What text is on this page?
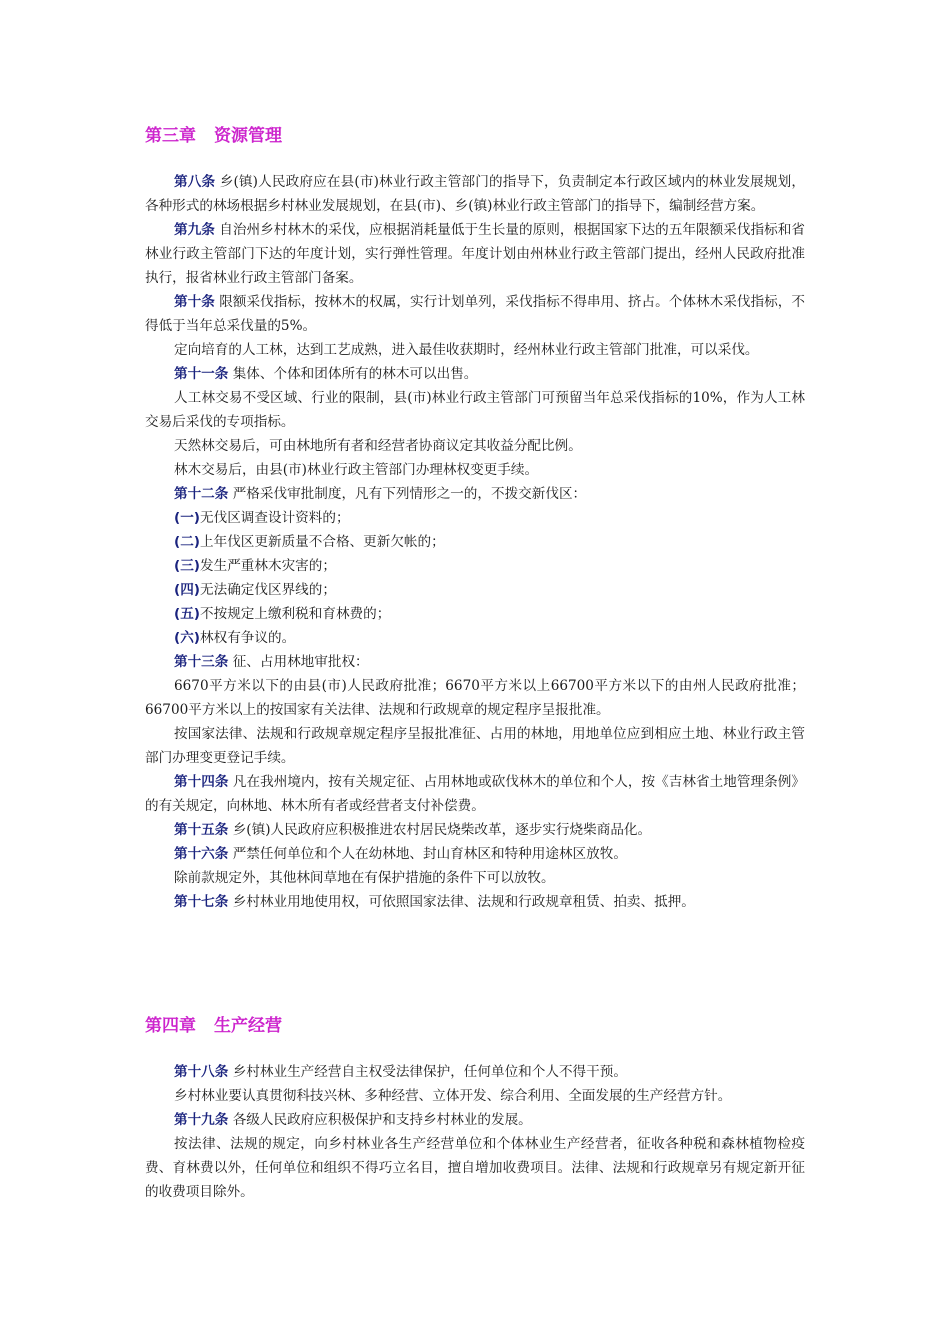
第三章 资源管理

第八条 乡(镇)人民政府应在县(市)林业行政主管部门的指导下，负责制定本行政区域内的林业发展规划，各种形式的林场根据乡村林业发展规划，在县(市)、乡(镇)林业行政主管部门的指导下，编制经营方案。

第九条 自治州乡村林木的采伐，应根据消耗量低于生长量的原则，根据国家下达的五年限额采伐指标和省林业行政主管部门下达的年度计划，实行弹性管理。年度计划由州林业行政主管部门提出，经州人民政府批准执行，报省林业行政主管部门备案。

第十条 限额采伐指标，按林木的权属，实行计划单列，采伐指标不得串用、挤占。个体林木采伐指标，不得低于当年总采伐量的5%。

定向培育的人工林，达到工艺成熟，进入最佳收获期时，经州林业行政主管部门批准，可以采伐。

第十一条 集体、个体和团体所有的林木可以出售。

人工林交易不受区域、行业的限制，县(市)林业行政主管部门可预留当年总采伐指标的10%，作为人工林交易后采伐的专项指标。

天然林交易后，可由林地所有者和经营者协商议定其收益分配比例。

林木交易后，由县(市)林业行政主管部门办理林权变更手续。

第十二条 严格采伐审批制度，凡有下列情形之一的，不拨交新伐区：

(一)无伐区调查设计资料的；

(二)上年伐区更新质量不合格、更新欠帐的；

(三)发生严重林木灾害的；

(四)无法确定伐区界线的；

(五)不按规定上缴利税和育林费的；

(六)林权有争议的。

第十三条 征、占用林地审批权：

6670平方米以下的由县(市)人民政府批准；6670平方米以上66700平方米以下的由州人民政府批准；66700平方米以上的按国家有关法律、法规和行政规章的规定程序呈报批准。

按国家法律、法规和行政规章规定程序呈报批准征、占用的林地，用地单位应到相应土地、林业行政主管部门办理变更登记手续。

第十四条 凡在我州境内，按有关规定征、占用林地或砍伐林木的单位和个人，按《吉林省土地管理条例》的有关规定，向林地、林木所有者或经营者支付补偿费。

第十五条 乡(镇)人民政府应积极推进农村居民烧柴改革，逐步实行烧柴商品化。

第十六条 严禁任何单位和个人在幼林地、封山育林区和特种用途林区放牧。

除前款规定外，其他林间草地在有保护措施的条件下可以放牧。

第十七条 乡村林业用地使用权，可依照国家法律、法规和行政规章租赁、拍卖、抵押。

第四章 生产经营

第十八条 乡村林业生产经营自主权受法律保护，任何单位和个人不得干预。

乡村林业要认真贯彻科技兴林、多种经营、立体开发、综合利用、全面发展的生产经营方针。

第十九条 各级人民政府应积极保护和支持乡村林业的发展。

按法律、法规的规定，向乡村林业各生产经营单位和个体林业生产经营者，征收各种税和森林植物检疫费、育林费以外，任何单位和组织不得巧立名目，擅自增加收费项目。法律、法规和行政规章另有规定新开征的收费项目除外。
